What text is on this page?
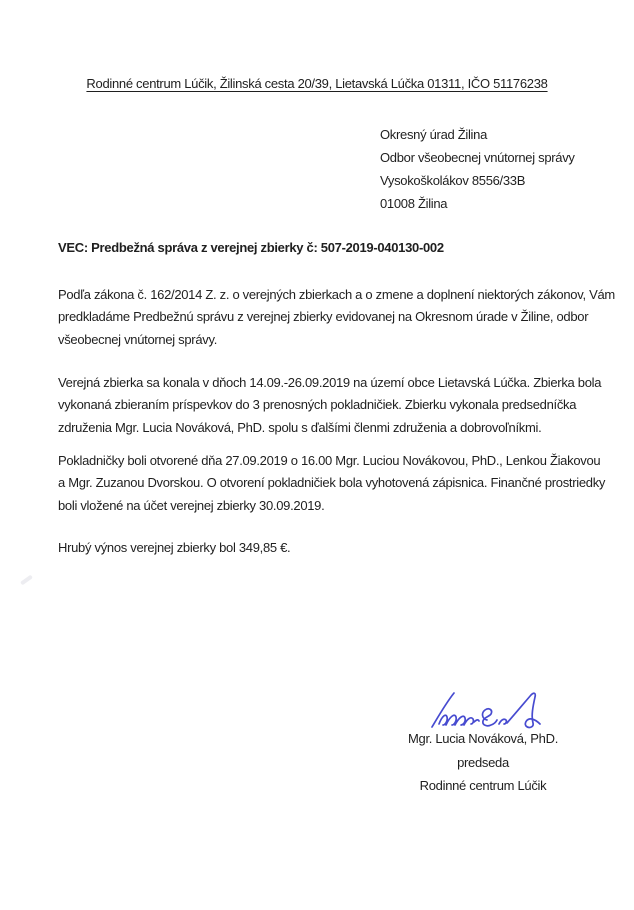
Rodinné centrum Lúčik, Žilinská cesta 20/39, Lietavská Lúčka 01311, IČO 51176238
Okresný úrad Žilina
Odbor všeobecnej vnútornej správy
Vysokoškolákov 8556/33B
01008 Žilina
VEC: Predbežná správa z verejnej zbierky č: 507-2019-040130-002
Podľa zákona č. 162/2014 Z. z. o verejných zbierkach a o zmene a doplnení niektorých zákonov, Vám
predkladáme Predbežnú správu z verejnej zbierky evidovanej na Okresnom úrade v Žiline, odbor
všeobecnej vnútornej správy.
Verejná zbierka sa konala v dňoch 14.09.-26.09.2019 na území obce Lietavská Lúčka. Zbierka bola
vykonaná zbieraním príspevkov do 3 prenosných pokladničiek. Zbierku vykonala predsedníčka
združenia Mgr. Lucia Nováková, PhD. spolu s ďalšími členmi združenia a dobrovoľníkmi.
Pokladničky boli otvorené dňa 27.09.2019 o 16.00 Mgr. Luciou Novákovou, PhD., Lenkou Žiakovou
a Mgr. Zuzanou Dvorskou. O otvorení pokladničiek bola vyhotovená zápisnica. Finančné prostriedky
boli vložené na účet verejnej zbierky 30.09.2019.
Hrubý výnos verejnej zbierky bol 349,85 €.
Mgr. Lucia Nováková, PhD.
predseda
Rodinné centrum Lúčik
